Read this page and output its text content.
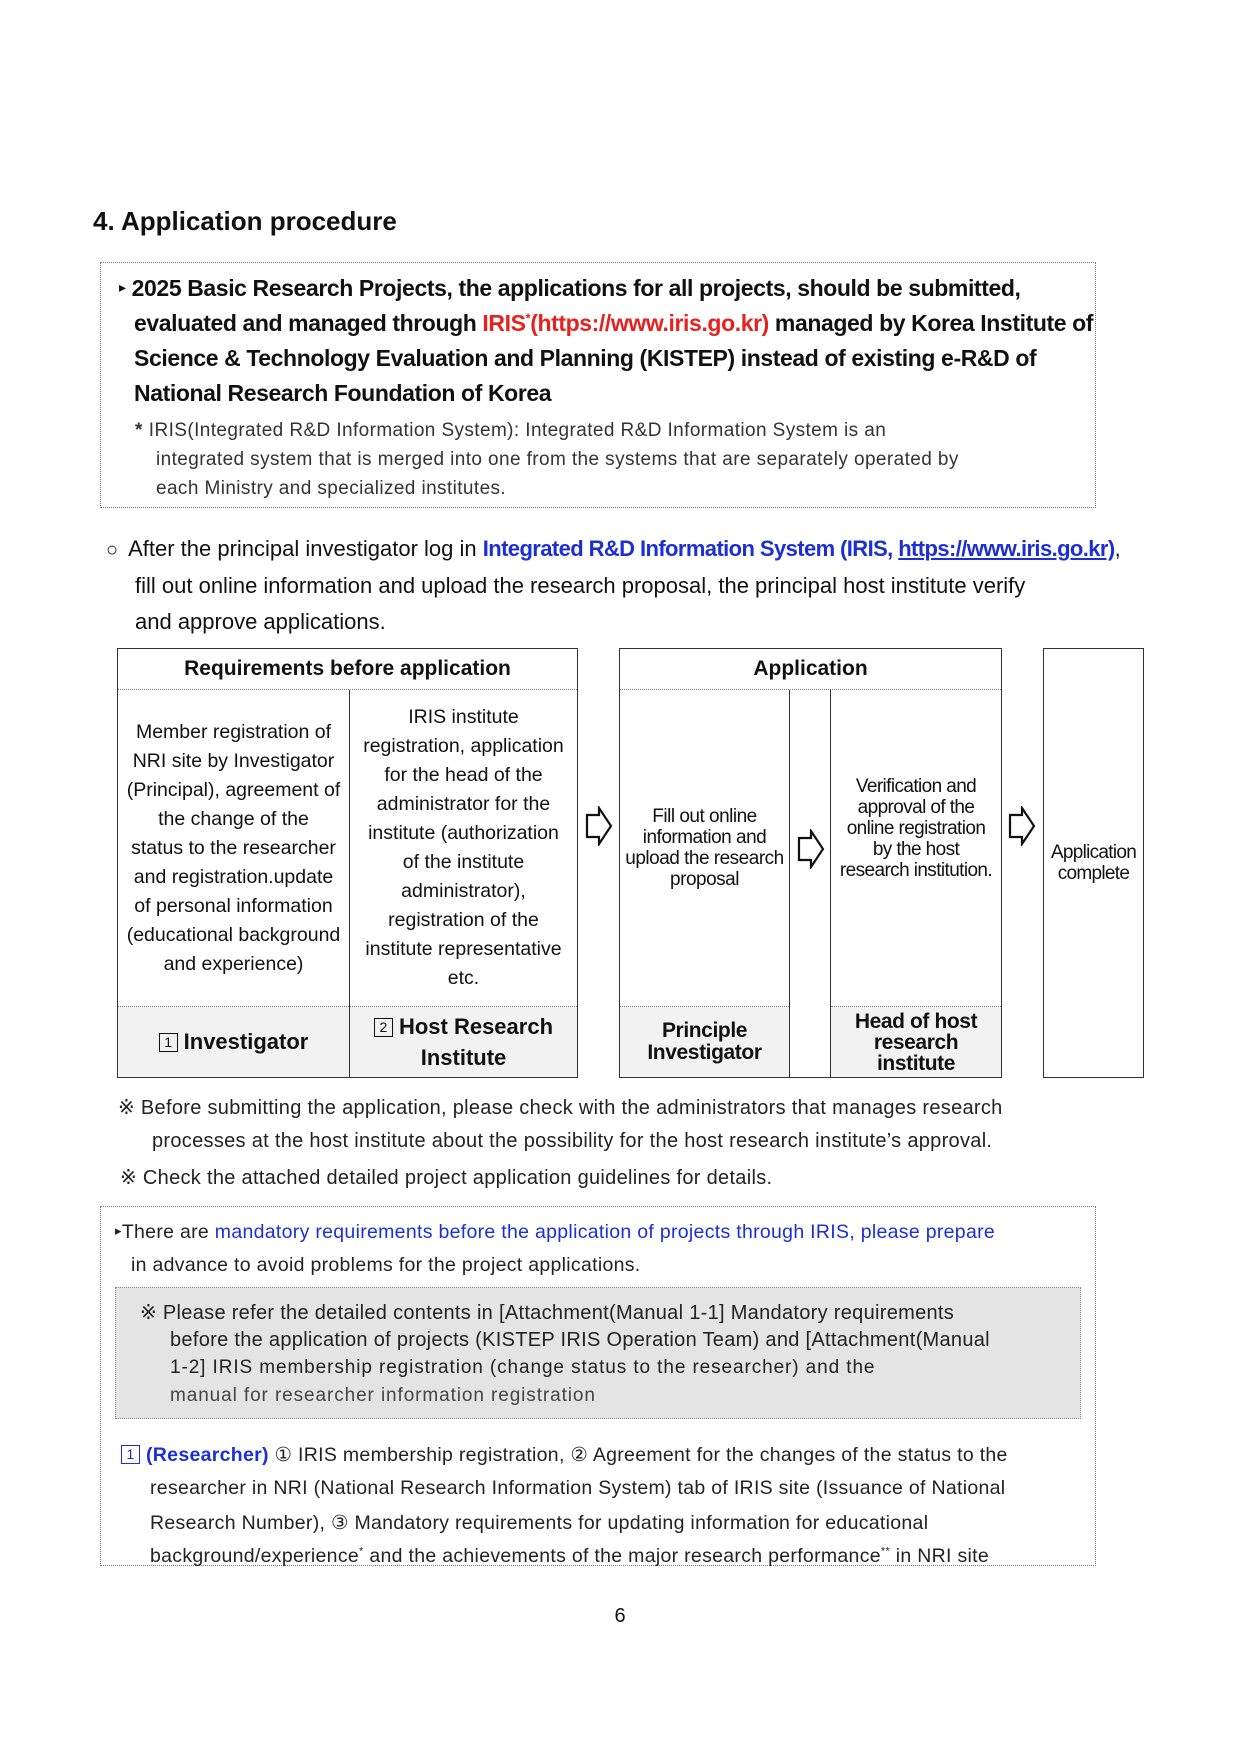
4. Application procedure
▸ 2025 Basic Research Projects, the applications for all projects, should be submitted,
evaluated and managed through IRIS*(https://www.iris.go.kr) managed by Korea Institute of
Science & Technology Evaluation and Planning (KISTEP) instead of existing e-R&D of
National Research Foundation of Korea
* IRIS(Integrated R&D Information System): Integrated R&D Information System is an
integrated system that is merged into one from the systems that are separately operated by
each Ministry and specialized institutes.
○ After the principal investigator log in Integrated R&D Information System (IRIS, https://www.iris.go.kr),
fill out online information and upload the research proposal, the principal host institute verify
and approve applications.
Requirements before application
Member registration of
NRI site by Investigator
(Principal), agreement of
the change of the
status to the researcher
and registration.update
of personal information
(educational background
and experience)
IRIS institute
registration, application
for the head of the
administrator for the
institute (authorization
of the institute
administrator),
registration of the
institute representative
etc.
1 Investigator
2 Host Research
Institute
Application
Fill out online
information and
upload the research
proposal
Verification and
approval of the
online registration
by the host
research institution.
Principle
Investigator
Head of host
research
institute
Application
complete
※ Before submitting the application, please check with the administrators that manages research
processes at the host institute about the possibility for the host research institute’s approval.
※ Check the attached detailed project application guidelines for details.
▸There are mandatory requirements before the application of projects through IRIS, please prepare
in advance to avoid problems for the project applications.
※ Please refer the detailed contents in [Attachment(Manual 1-1] Mandatory requirements
before the application of projects (KISTEP IRIS Operation Team) and [Attachment(Manual
1-2] IRIS membership registration (change status to the researcher) and the
manual for researcher information registration
1 (Researcher) ① IRIS membership registration, ② Agreement for the changes of the status to the
researcher in NRI (National Research Information System) tab of IRIS site (Issuance of National
Research Number), ③ Mandatory requirements for updating information for educational
background/experience* and the achievements of the major research performance** in NRI site
6
